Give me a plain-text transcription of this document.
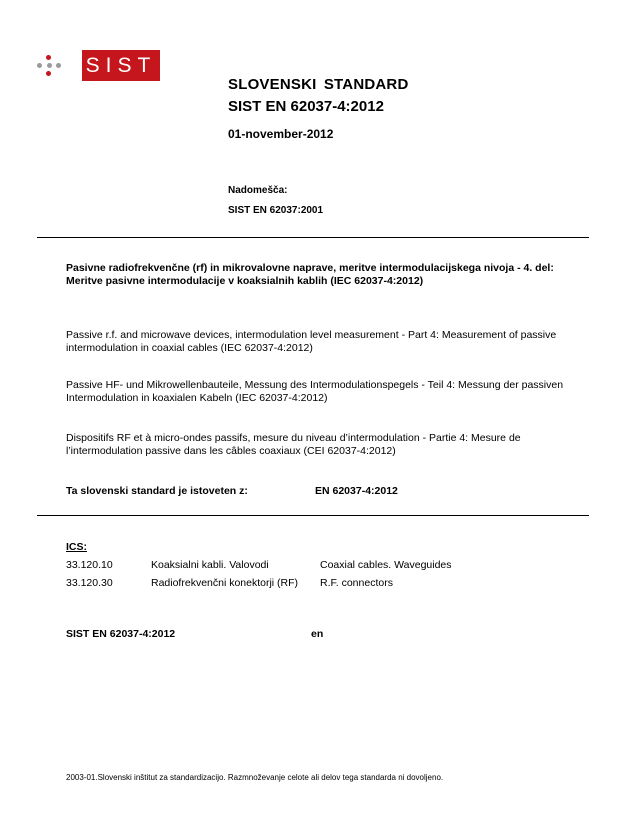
SIST
SLOVENSKI STANDARD
SIST EN 62037-4:2012
01-november-2012
Nadomešča:
SIST EN 62037:2001
Pasivne radiofrekvenčne (rf) in mikrovalovne naprave, meritve intermodulacijskega nivoja - 4. del: Meritve pasivne intermodulacije v koaksialnih kablih (IEC 62037-4:2012)
Passive r.f. and microwave devices, intermodulation level measurement - Part 4: Measurement of passive intermodulation in coaxial cables (IEC 62037-4:2012)
Passive HF- und Mikrowellenbauteile, Messung des Intermodulationspegels - Teil 4: Messung der passiven Intermodulation in koaxialen Kabeln (IEC 62037-4:2012)
Dispositifs RF et à micro-ondes passifs, mesure du niveau d’intermodulation - Partie 4: Mesure de l’intermodulation passive dans les câbles coaxiaux (CEI 62037-4:2012)
Ta slovenski standard je istoveten z:	EN 62037-4:2012
ICS:
33.120.10	Koaksialni kabli. Valovodi	Coaxial cables. Waveguides
33.120.30	Radiofrekvenčni konektorji (RF)	R.F. connectors
SIST EN 62037-4:2012	en
2003-01.Slovenski inštitut za standardizacijo. Razmnoževanje celote ali delov tega standarda ni dovoljeno.
